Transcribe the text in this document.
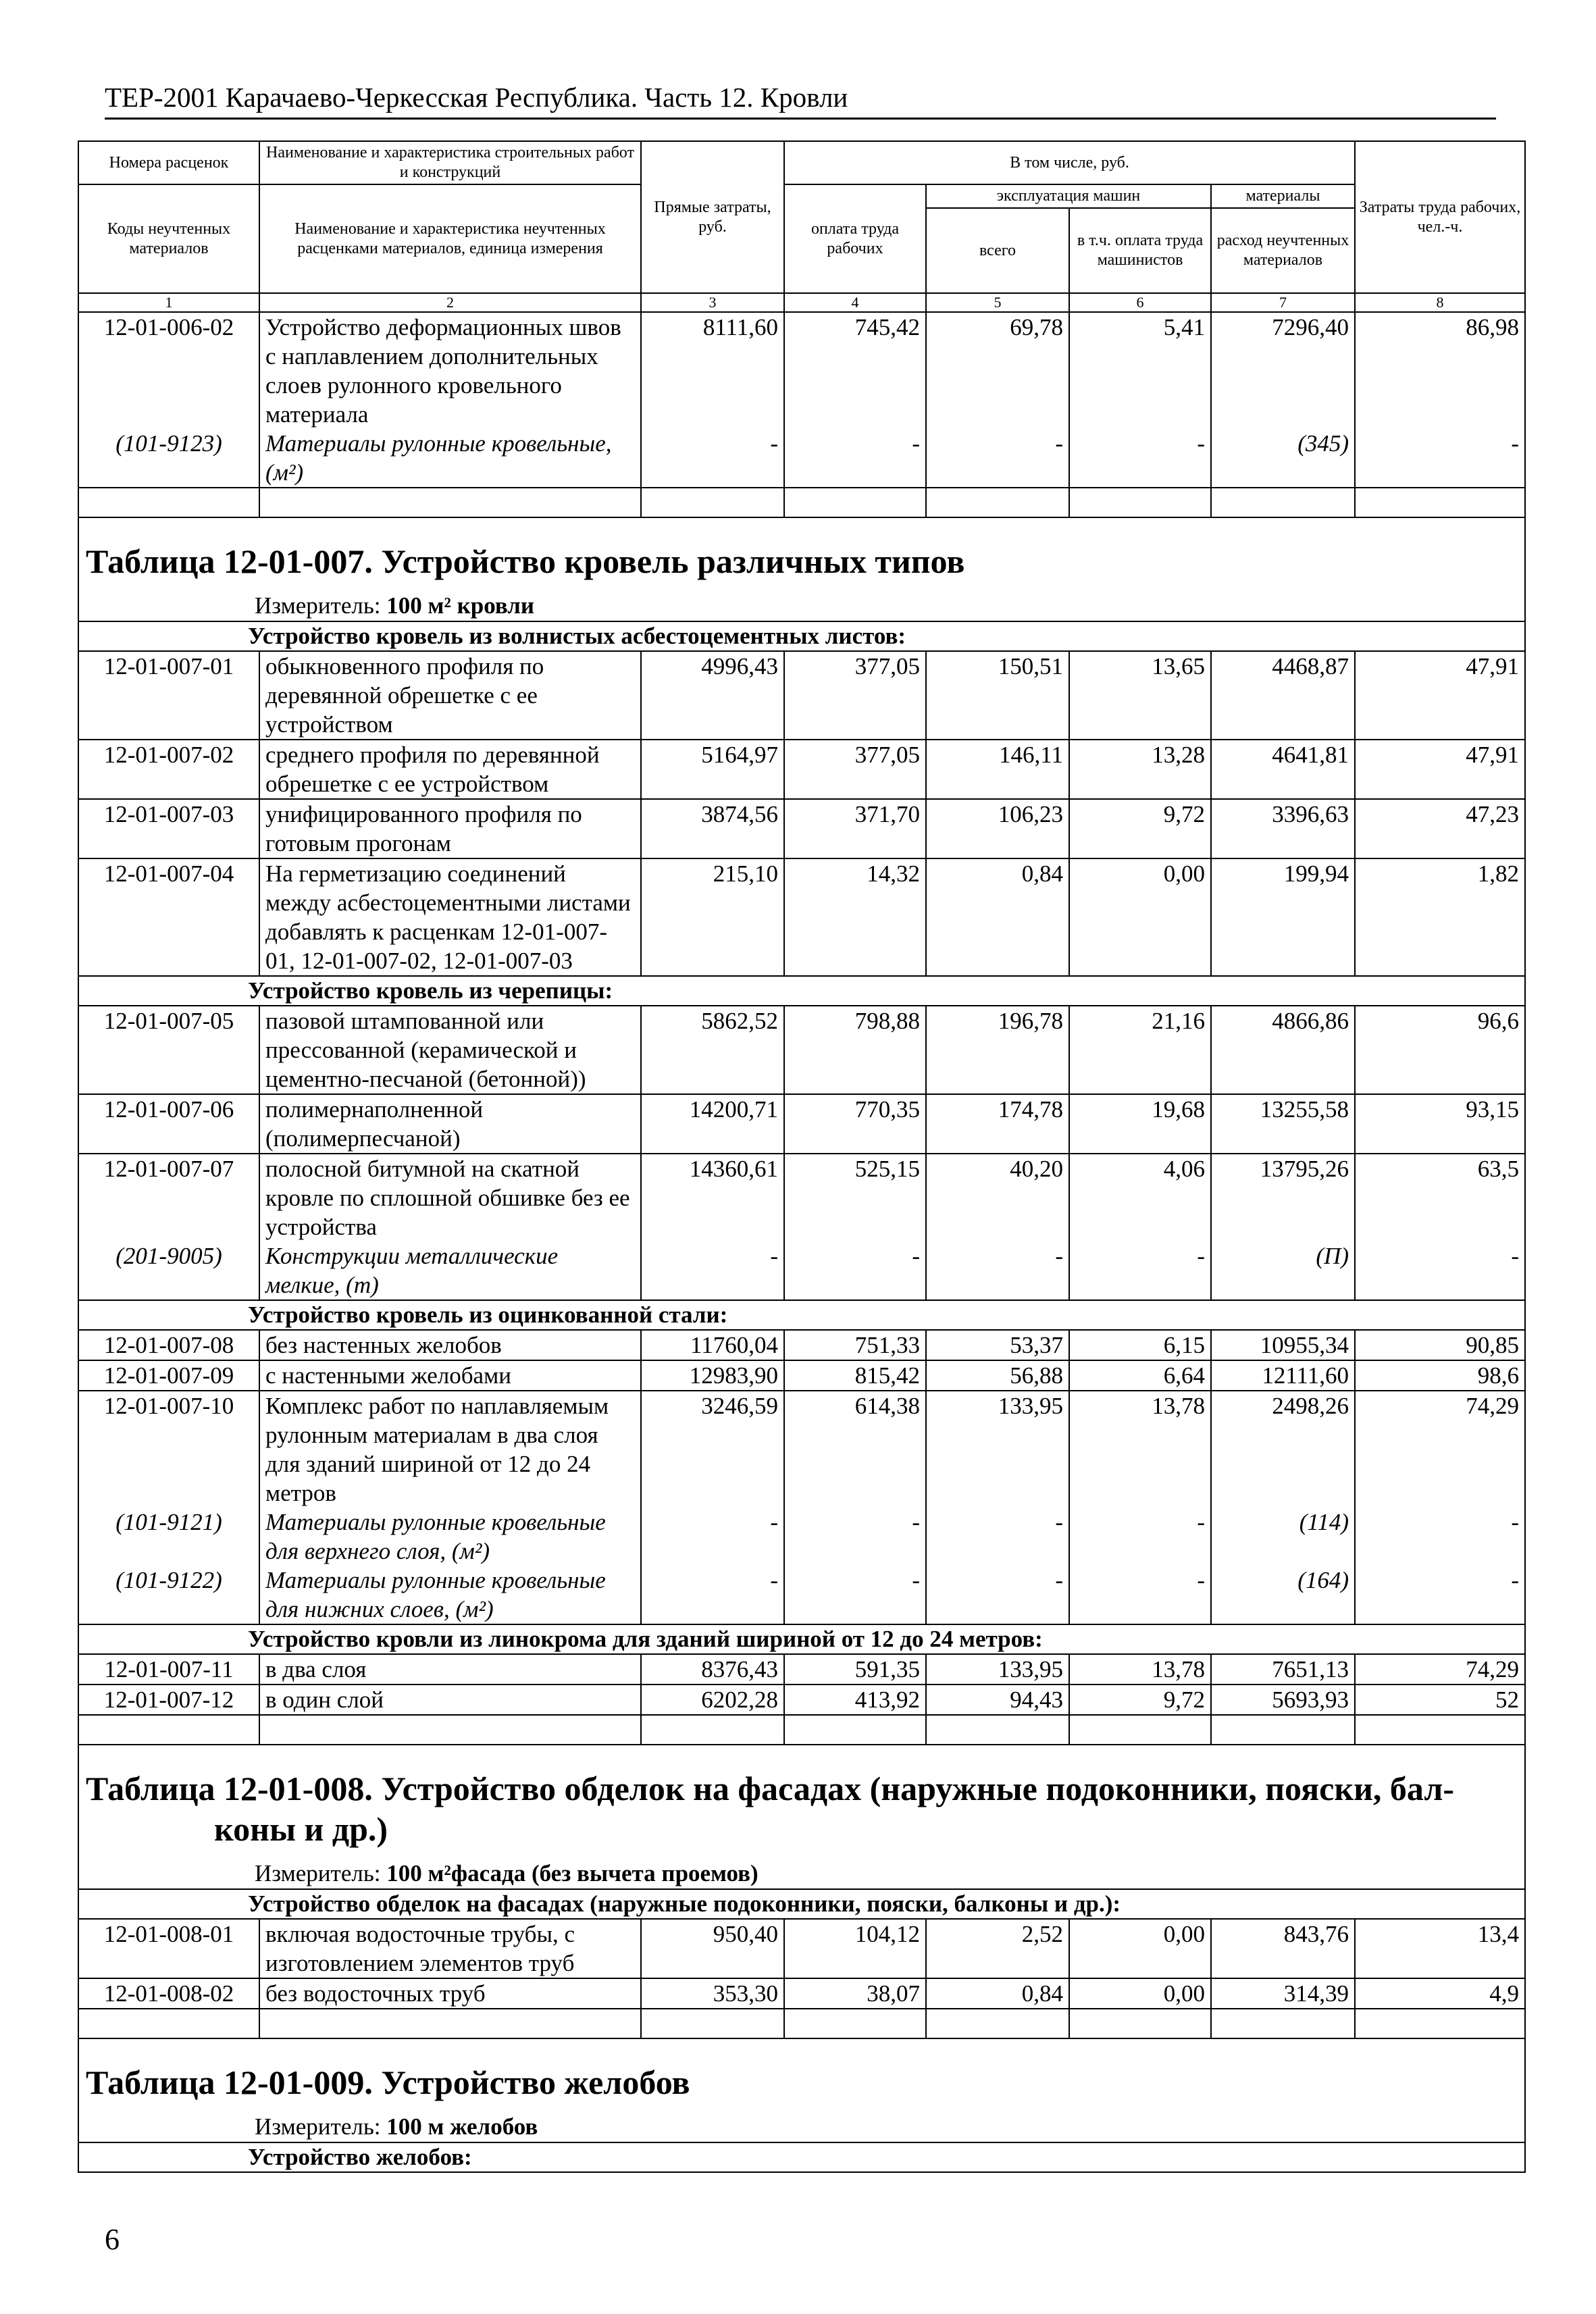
ТЕР-2001 Карачаево-Черкесская Республика. Часть 12. Кровли
Номера расценок	Наименование и характеристика строительных работ и конструкций	Прямые затраты, руб.	В том числе, руб.				Затраты труда рабочих, чел.-ч.
Коды неучтенных материалов	Наименование и характеристика неучтенных расценками материалов, единица измерения		оплата труда рабочих	эксплуатация машин		материалы	
				всего	в т.ч. оплата труда машинистов	расход неучтенных материалов	

1	2	3	4	5	6	7	8
12-01-006-02	Устройство деформационных швов с наплавлением дополнительных слоев рулонного кровельного материала	8111,60	745,42	69,78	5,41	7296,40	86,98
(101-9123)	Материалы рулонные кровельные, (м²)	-	-	-	-	(345)	-

Таблица 12-01-007. Устройство кровель различных типов
Измеритель: 100 м² кровли							

Устройство кровель из волнистых асбестоцементных листов:							
12-01-007-01	обыкновенного профиля по деревянной обрешетке с ее устройством	4996,43	377,05	150,51	13,65	4468,87	47,91
12-01-007-02	среднего профиля по деревянной обрешетке с ее устройством	5164,97	377,05	146,11	13,28	4641,81	47,91
12-01-007-03	унифицированного профиля по готовым прогонам	3874,56	371,70	106,23	9,72	3396,63	47,23
12-01-007-04	На герметизацию соединений между асбестоцементными листами добавлять к расценкам 12-01-007-01, 12-01-007-02, 12-01-007-03	215,10	14,32	0,84	0,00	199,94	1,82
Устройство кровель из черепицы:							
12-01-007-05	пазовой штампованной или прессованной (керамической и цементно-песчаной (бетонной))	5862,52	798,88	196,78	21,16	4866,86	96,6
12-01-007-06	полимернаполненной (полимерпесчаной)	14200,71	770,35	174,78	19,68	13255,58	93,15
12-01-007-07	полосной битумной на скатной кровле по сплошной обшивке без ее устройства	14360,61	525,15	40,20	4,06	13795,26	63,5
(201-9005)	Конструкции металлические мелкие, (т)	-	-	-	-	(П)	-
Устройство кровель из оцинкованной стали:							
12-01-007-08	без настенных желобов	11760,04	751,33	53,37	6,15	10955,34	90,85
12-01-007-09	с настенными желобами	12983,90	815,42	56,88	6,64	12111,60	98,6
12-01-007-10	Комплекс работ по наплавляемым рулонным материалам в два слоя для зданий шириной от 12 до 24 метров	3246,59	614,38	133,95	13,78	2498,26	74,29
(101-9121)	Материалы рулонные кровельные для верхнего слоя, (м²)	-	-	-	-	(114)	-
(101-9122)	Материалы рулонные кровельные для нижних слоев, (м²)	-	-	-	-	(164)	-
Устройство кровли из линокрома для зданий шириной от 12 до 24 метров:							
12-01-007-11	в два слоя	8376,43	591,35	133,95	13,78	7651,13	74,29
12-01-007-12	в один слой	6202,28	413,92	94,43	9,72	5693,93	52

Таблица 12-01-008. Устройство обделок на фасадах (наружные подоконники, пояски, бал-
коны и др.)
Измеритель: 100 м²фасада (без вычета проемов)							

Устройство обделок на фасадах (наружные подоконники, пояски, балконы и др.):							
12-01-008-01	включая водосточные трубы, с изготовлением элементов труб	950,40	104,12	2,52	0,00	843,76	13,4
12-01-008-02	без водосточных труб	353,30	38,07	0,84	0,00	314,39	4,9

Таблица 12-01-009. Устройство желобов
Измеритель: 100 м желобов							

Устройство желобов:							
6
